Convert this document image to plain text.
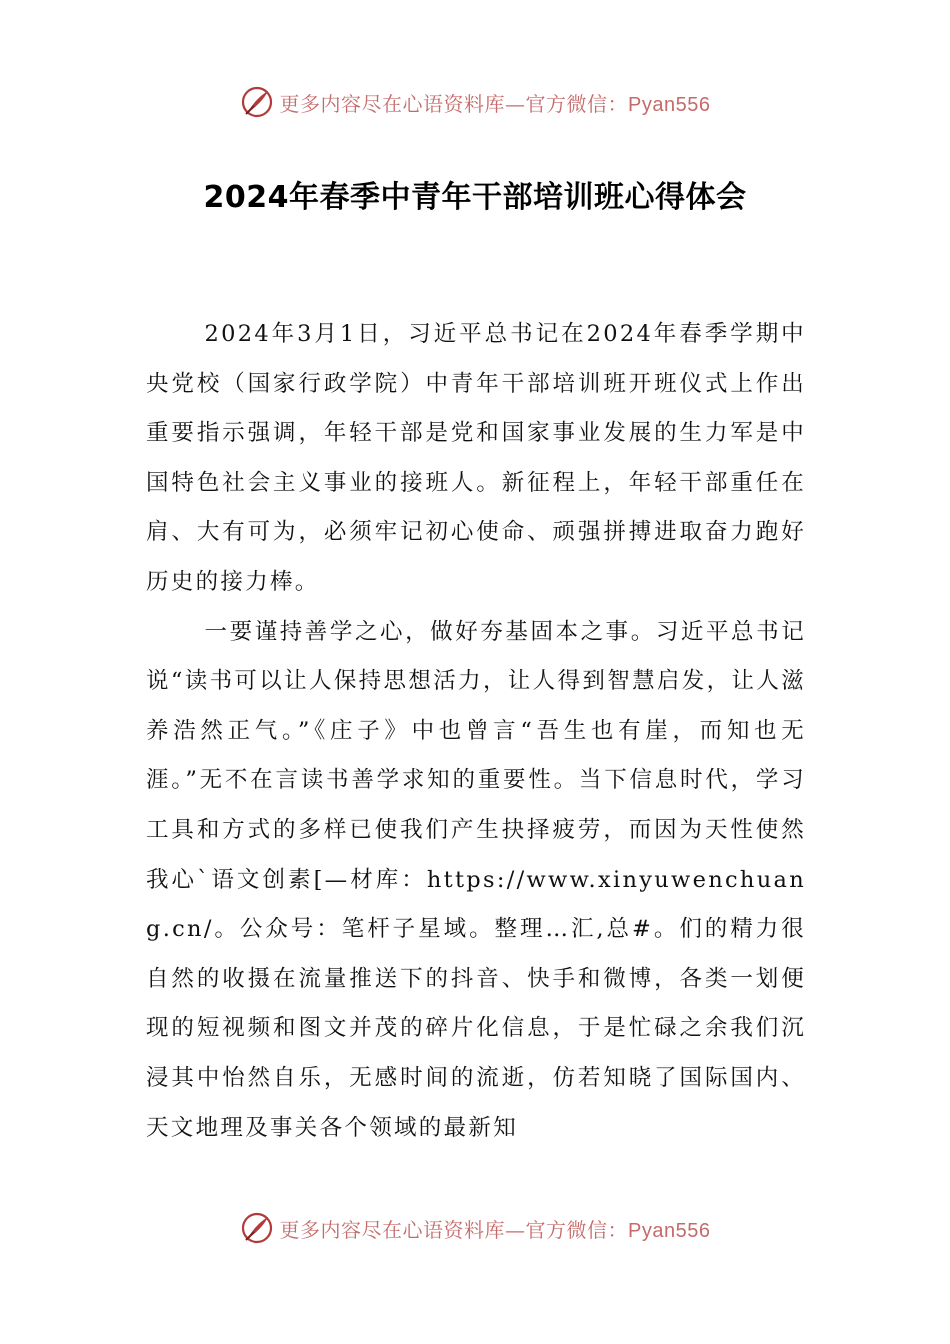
更多内容尽在心语资料库—官方微信：Pyan556
2024年春季中青年干部培训班心得体会

2024年3月1日，习近平总书记在2024年春季学期中央党校（国家行政学院）中青年干部培训班开班仪式上作出重要指示强调，年轻干部是党和国家事业发展的生力军是中国特色社会主义事业的接班人。新征程上，年轻干部重任在肩、大有可为，必须牢记初心使命、顽强拼搏进取奋力跑好历史的接力棒。

一要谨持善学之心，做好夯基固本之事。习近平总书记说“读书可以让人保持思想活力，让人得到智慧启发，让人滋养浩然正气。”《庄子》中也曾言“吾生也有崖，而知也无涯。”无不在言读书善学求知的重要性。当下信息时代，学习工具和方式的多样已使我们产生抉择疲劳，而因为天性使然我心`语文创素[—材库：https://www.xinyuwenchuang.cn/。公众号：笔杆子星域。整理…汇,总#。们的精力很自然的收摄在流量推送下的抖音、快手和微博，各类一划便现的短视频和图文并茂的碎片化信息，于是忙碌之余我们沉浸其中怡然自乐，无感时间的流逝，仿若知晓了国际国内、天文地理及事关各个领域的最新知

更多内容尽在心语资料库—官方微信：Pyan556
